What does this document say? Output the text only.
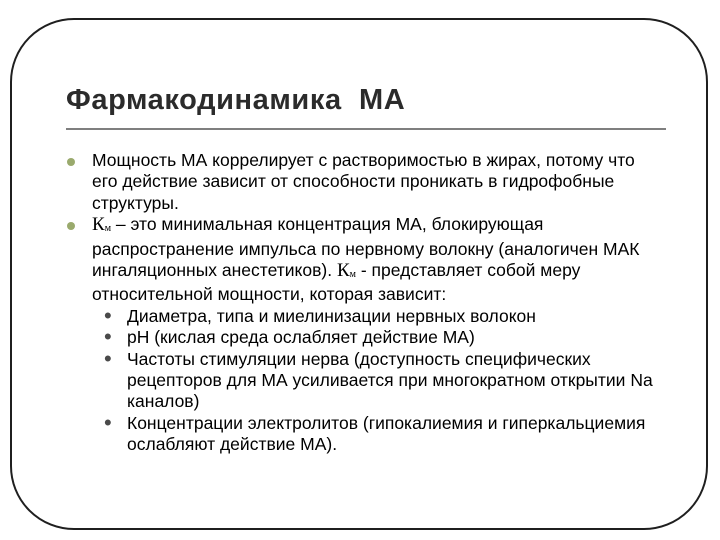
Фармакодинамика  МА
Мощность МА коррелирует с растворимостью в жирах, потому что его действие зависит от способности проникать в гидрофобные структуры.
$К_м$ – это минимальная концентрация МА, блокирующая распространение импульса по нервному волокну (аналогичен МАК ингаляционных анестетиков). $К_м$ - представляет собой меру относительной мощности, которая зависит:
• Диаметра, типа и миелинизации нервных волокон
• pH (кислая среда ослабляет действие МА)
• Частоты стимуляции нерва (доступность специфических рецепторов для МА усиливается при многократном открытии Na каналов)
• Концентрации электролитов (гипокалиемия и гиперкальциемия ослабляют действие МА).
